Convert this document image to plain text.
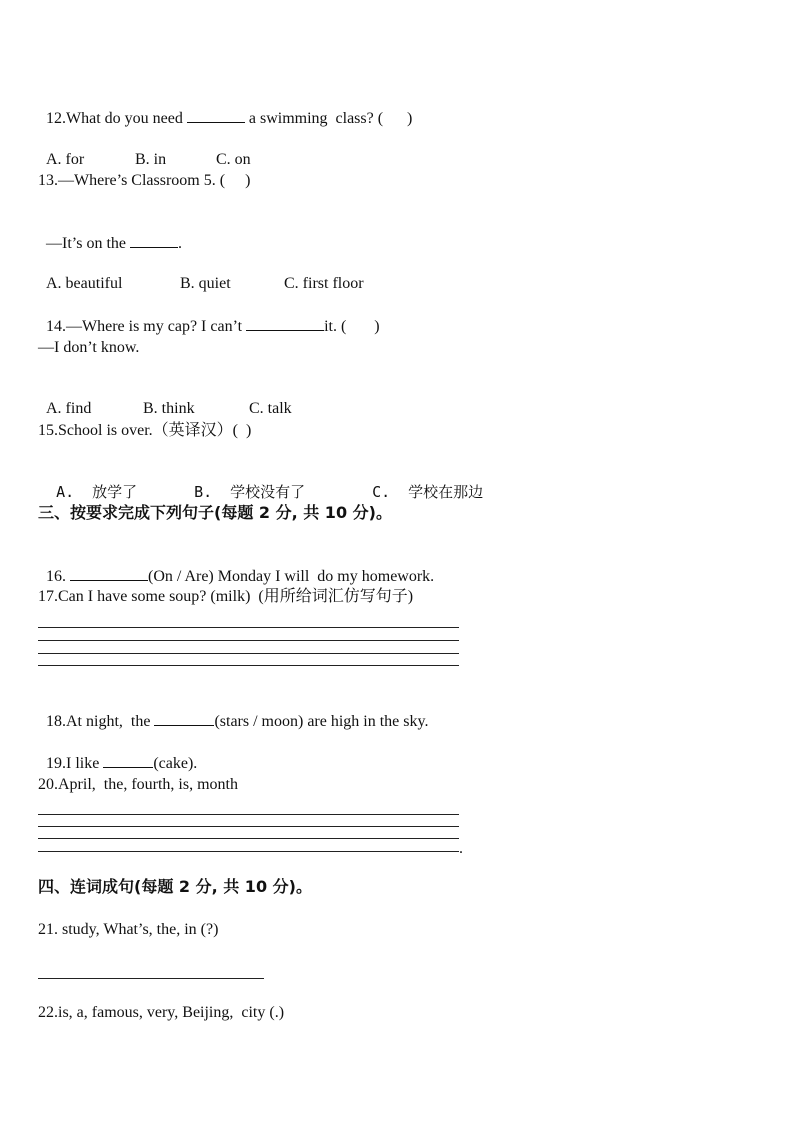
12.What do you need	a swimming  class? (      )

A. for	B. in	C. on

13.—Where’s Classroom 5. (     )

—It’s on the	.

A. beautiful	B. quiet	C. first floor

14.—Where is my cap? I can’t	it. (       )

—I don’t know.

A. find	B. think	C. talk

15.School is over.（英译汉）(  )

A.  放学了	B.  学校没有了	C.  学校在那边

三、按要求完成下列句子(每题 2 分, 共 10 分)。

16.	(On / Are) Monday I will  do my homework.

17.Can I have some soup? (milk)  (用所给词汇仿写句子)

18.At night,  the	(stars / moon) are high in the sky.

19.I like	(cake).

20.April,  the, fourth, is, month
.
四、连词成句(每题 2 分, 共 10 分)。
21. study, What’s, the, in (?)
22.is, a, famous, very, Beijing,  city (.)
